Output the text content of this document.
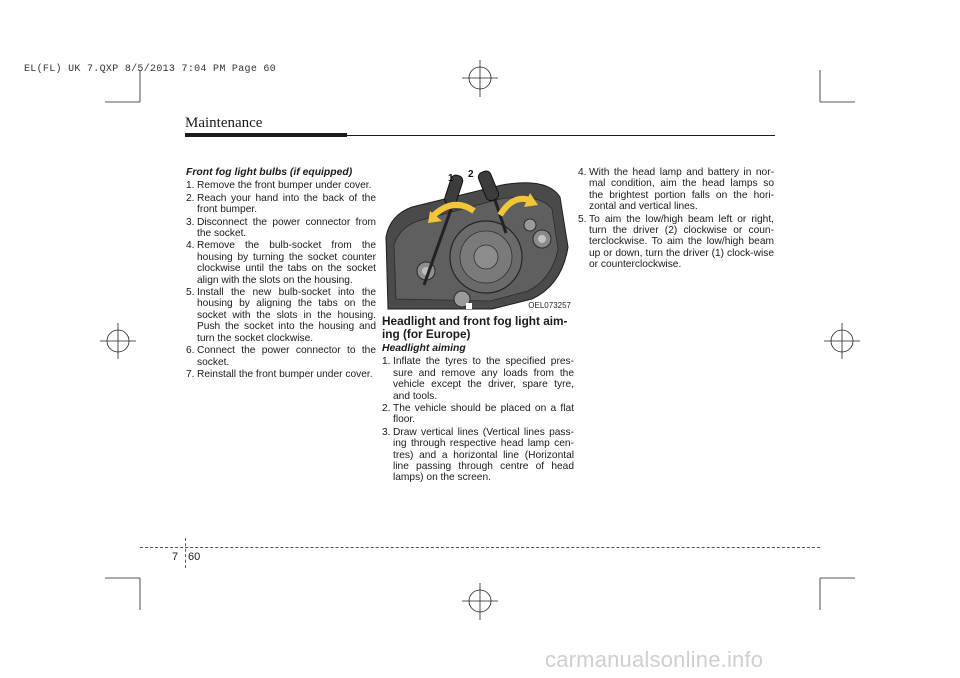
EL(FL) UK 7.QXP 8/5/2013 7:04 PM Page 60
Maintenance
Front fog light bulbs (if equipped)
1. Remove the front bumper under cover.
2. Reach your hand into the back of the front bumper.
3. Disconnect the power connector from the socket.
4. Remove the bulb-socket from the housing by turning the socket counter clockwise until the tabs on the socket align with the slots on the housing.
5. Install the new bulb-socket into the housing by aligning the tabs on the socket with the slots in the housing. Push the socket into the housing and turn the socket clockwise.
6. Connect the power connector to the socket.
7. Reinstall the front bumper under cover.
1 2
OEL073257
Headlight and front fog light aim-ing (for Europe)
Headlight aiming
1. Inflate the tyres to the specified pres-sure and remove any loads from the vehicle except the driver, spare tyre, and tools.
2. The vehicle should be placed on a flat floor.
3. Draw vertical lines (Vertical lines pass-ing through respective head lamp cen-tres) and a horizontal line (Horizontal line passing through centre of head lamps) on the screen.
4. With the head lamp and battery in nor-mal condition, aim the head lamps so the brightest portion falls on the hori-zontal and vertical lines.
5. To aim the low/high beam left or right, turn the driver (2) clockwise or coun-terclockwise. To aim the low/high beam up or down, turn the driver (1) clock-wise or counterclockwise.
7 60
carmanualsonline.info
